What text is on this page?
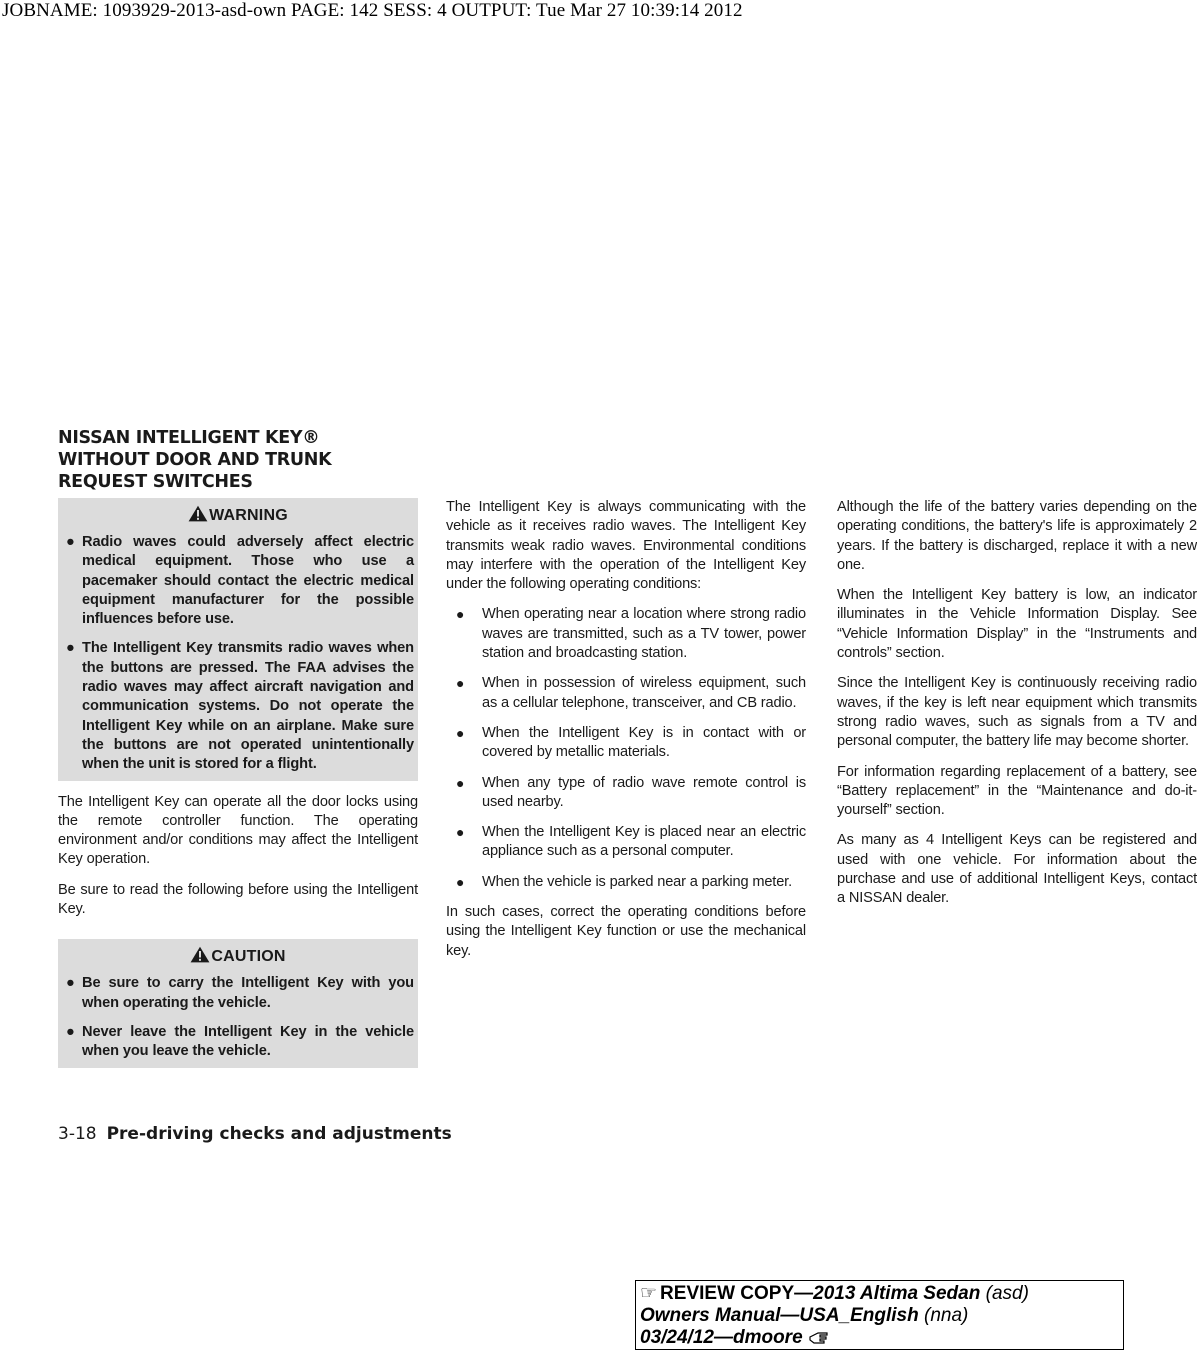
JOBNAME: 1093929-2013-asd-own PAGE: 142 SESS: 4 OUTPUT: Tue Mar 27 10:39:14 2012
NISSAN INTELLIGENT KEY®
WITHOUT DOOR AND TRUNK
REQUEST SWITCHES
WARNING
● Radio waves could adversely affect electric medical equipment. Those who use a pacemaker should contact the electric medical equipment manufacturer for the possible influences before use.
● The Intelligent Key transmits radio waves when the buttons are pressed. The FAA advises the radio waves may affect aircraft navigation and communication systems. Do not operate the Intelligent Key while on an airplane. Make sure the buttons are not operated unintentionally when the unit is stored for a flight.

The Intelligent Key can operate all the door locks using the remote controller function. The operating environment and/or conditions may affect the Intelligent Key operation.

Be sure to read the following before using the Intelligent Key.

CAUTION
● Be sure to carry the Intelligent Key with you when operating the vehicle.
● Never leave the Intelligent Key in the vehicle when you leave the vehicle.

The Intelligent Key is always communicating with the vehicle as it receives radio waves. The Intelligent Key transmits weak radio waves. Environmental conditions may interfere with the operation of the Intelligent Key under the following operating conditions:

● When operating near a location where strong radio waves are transmitted, such as a TV tower, power station and broadcasting station.
● When in possession of wireless equipment, such as a cellular telephone, transceiver, and CB radio.
● When the Intelligent Key is in contact with or covered by metallic materials.
● When any type of radio wave remote control is used nearby.
● When the Intelligent Key is placed near an electric appliance such as a personal computer.
● When the vehicle is parked near a parking meter.

In such cases, correct the operating conditions before using the Intelligent Key function or use the mechanical key.

Although the life of the battery varies depending on the operating conditions, the battery's life is approximately 2 years. If the battery is discharged, replace it with a new one.

When the Intelligent Key battery is low, an indicator illuminates in the Vehicle Information Display. See “Vehicle Information Display” in the “Instruments and controls” section.

Since the Intelligent Key is continuously receiving radio waves, if the key is left near equipment which transmits strong radio waves, such as signals from a TV and personal computer, the battery life may become shorter.

For information regarding replacement of a battery, see “Battery replacement” in the “Maintenance and do-it-yourself” section.

As many as 4 Intelligent Keys can be registered and used with one vehicle. For information about the purchase and use of additional Intelligent Keys, contact a NISSAN dealer.

3-18 Pre-driving checks and adjustments
☞ REVIEW COPY—2013 Altima Sedan (asd)
Owners Manual—USA_English (nna)
03/24/12—dmoore
